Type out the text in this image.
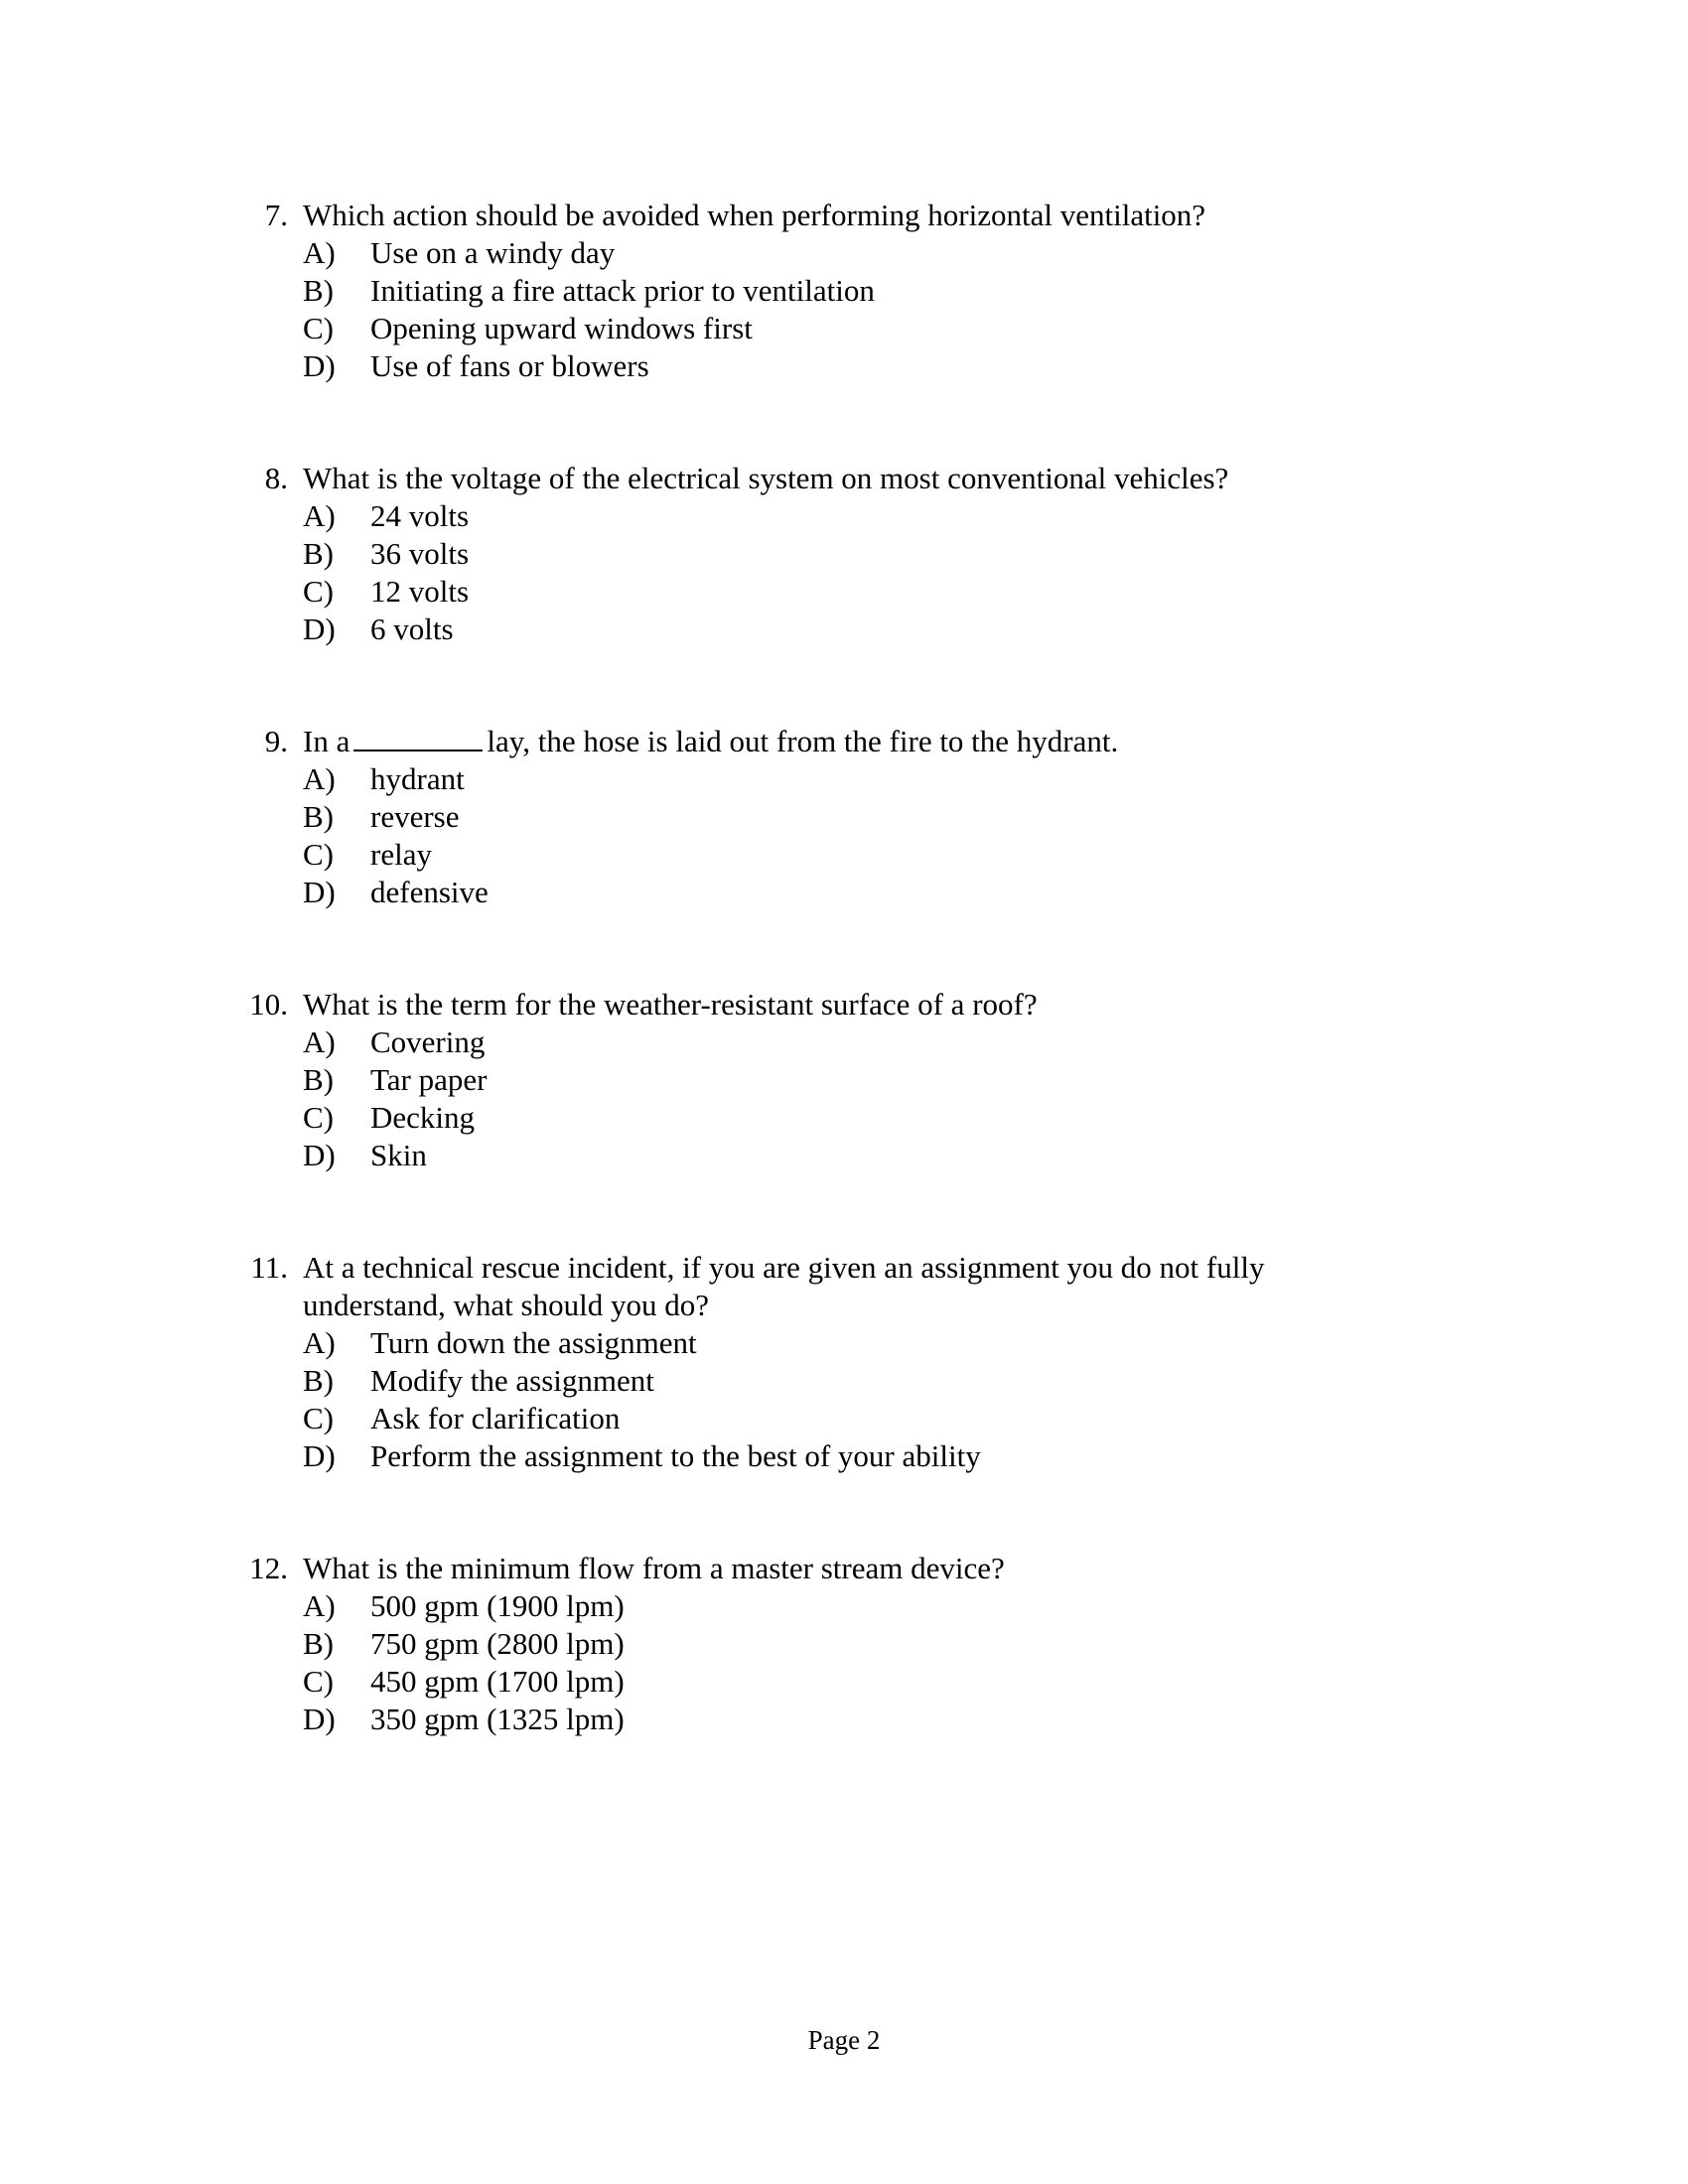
7. Which action should be avoided when performing horizontal ventilation?
A) Use on a windy day
B) Initiating a fire attack prior to ventilation
C) Opening upward windows first
D) Use of fans or blowers
8. What is the voltage of the electrical system on most conventional vehicles?
A) 24 volts
B) 36 volts
C) 12 volts
D) 6 volts
9. In a	lay, the hose is laid out from the fire to the hydrant.
A) hydrant
B) reverse
C) relay
D) defensive
10. What is the term for the weather-resistant surface of a roof?
A) Covering
B) Tar paper
C) Decking
D) Skin
11. At a technical rescue incident, if you are given an assignment you do not fully
understand, what should you do?
A) Turn down the assignment
B) Modify the assignment
C) Ask for clarification
D) Perform the assignment to the best of your ability
12. What is the minimum flow from a master stream device?
A) 500 gpm (1900 lpm)
B) 750 gpm (2800 lpm)
C) 450 gpm (1700 lpm)
D) 350 gpm (1325 lpm)
Page 2
